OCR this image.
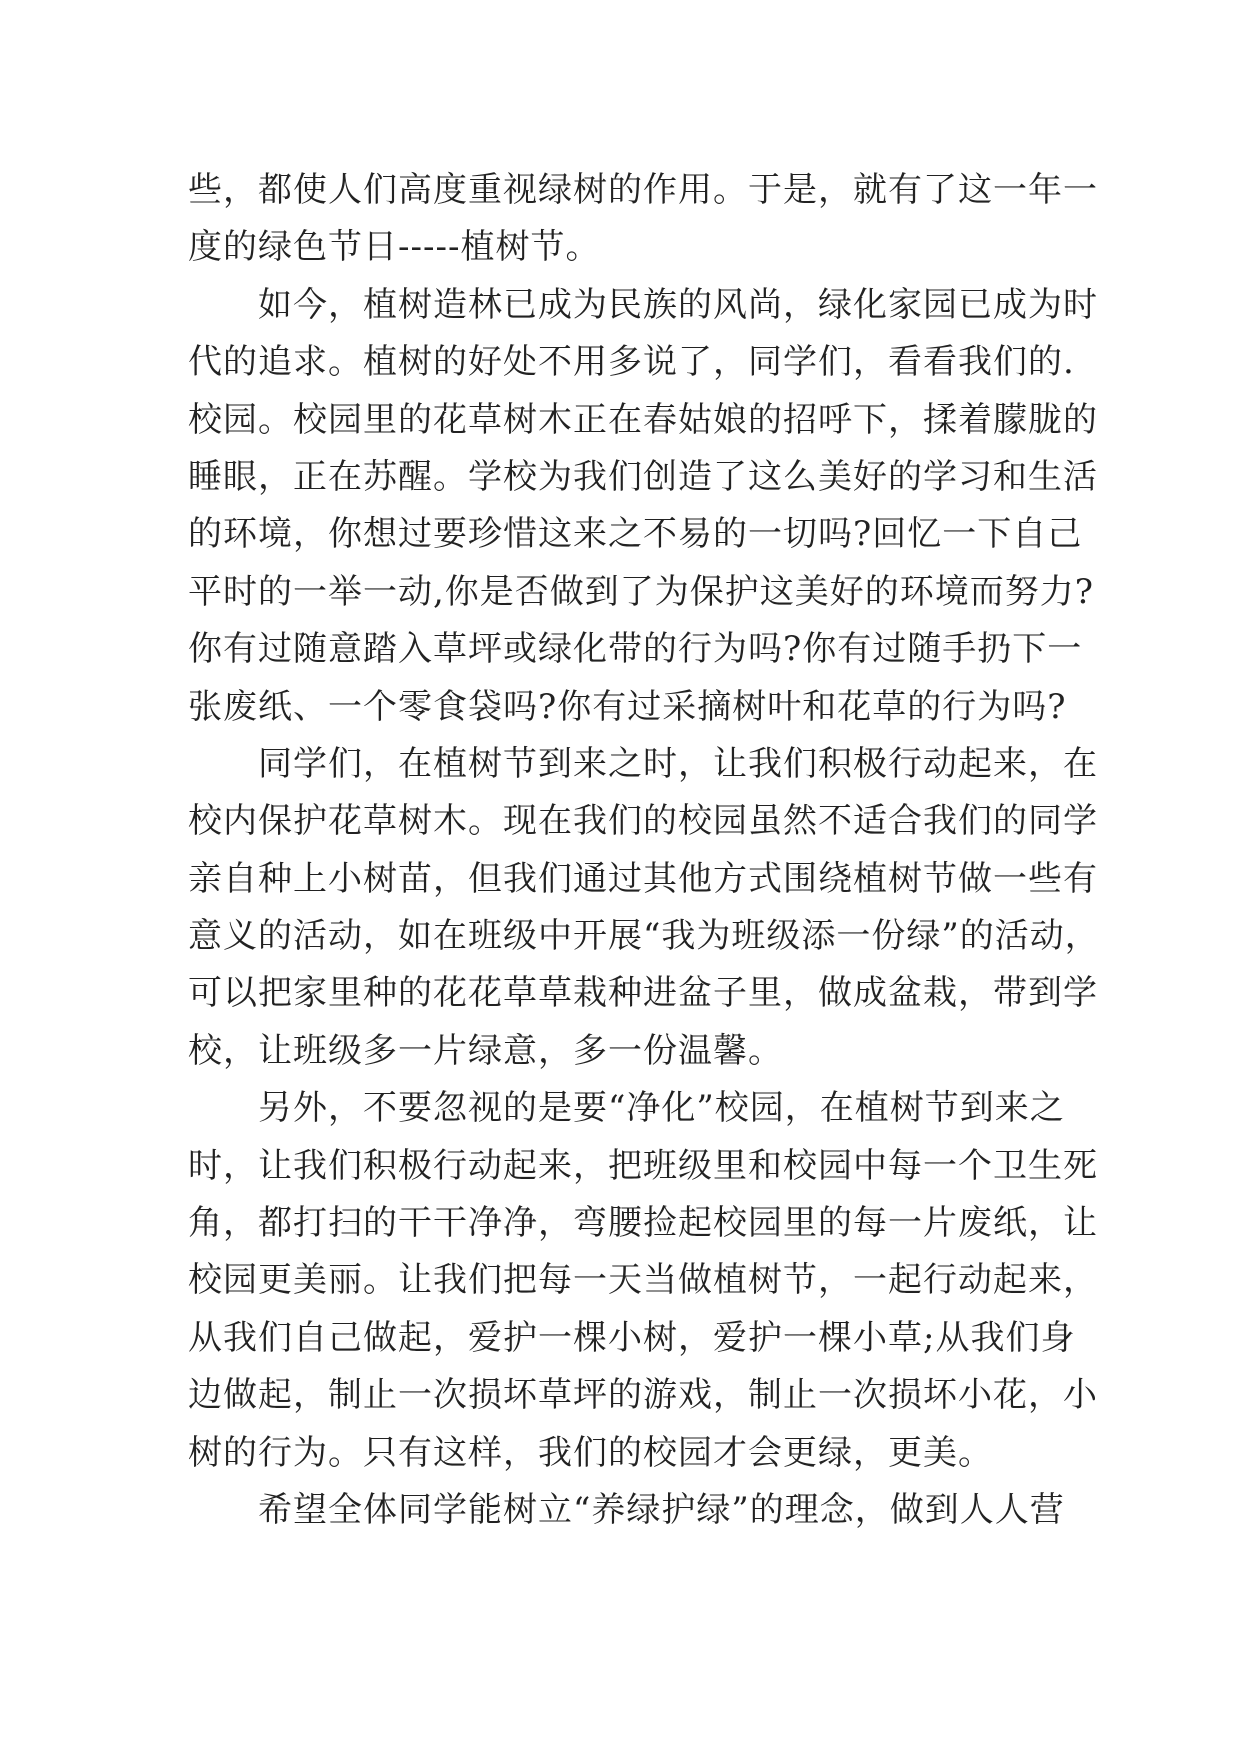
些，都使人们高度重视绿树的作用。于是，就有了这一年一
度的绿色节日-----植树节。
　　如今，植树造林已成为民族的风尚，绿化家园已成为时
代的追求。植树的好处不用多说了，同学们，看看我们的.
校园。校园里的花草树木正在春姑娘的招呼下，揉着朦胧的
睡眼，正在苏醒。学校为我们创造了这么美好的学习和生活
的环境，你想过要珍惜这来之不易的一切吗?回忆一下自己
平时的一举一动,你是否做到了为保护这美好的环境而努力?
你有过随意踏入草坪或绿化带的行为吗?你有过随手扔下一
张废纸、一个零食袋吗?你有过采摘树叶和花草的行为吗?
　　同学们，在植树节到来之时，让我们积极行动起来，在
校内保护花草树木。现在我们的校园虽然不适合我们的同学
亲自种上小树苗，但我们通过其他方式围绕植树节做一些有
意义的活动，如在班级中开展“我为班级添一份绿”的活动，
可以把家里种的花花草草栽种进盆子里，做成盆栽，带到学
校，让班级多一片绿意，多一份温馨。
　　另外，不要忽视的是要“净化”校园，在植树节到来之
时，让我们积极行动起来，把班级里和校园中每一个卫生死
角，都打扫的干干净净，弯腰捡起校园里的每一片废纸，让
校园更美丽。让我们把每一天当做植树节，一起行动起来，
从我们自己做起，爱护一棵小树，爱护一棵小草;从我们身
边做起，制止一次损坏草坪的游戏，制止一次损坏小花，小
树的行为。只有这样，我们的校园才会更绿，更美。
　　希望全体同学能树立“养绿护绿”的理念，做到人人营
